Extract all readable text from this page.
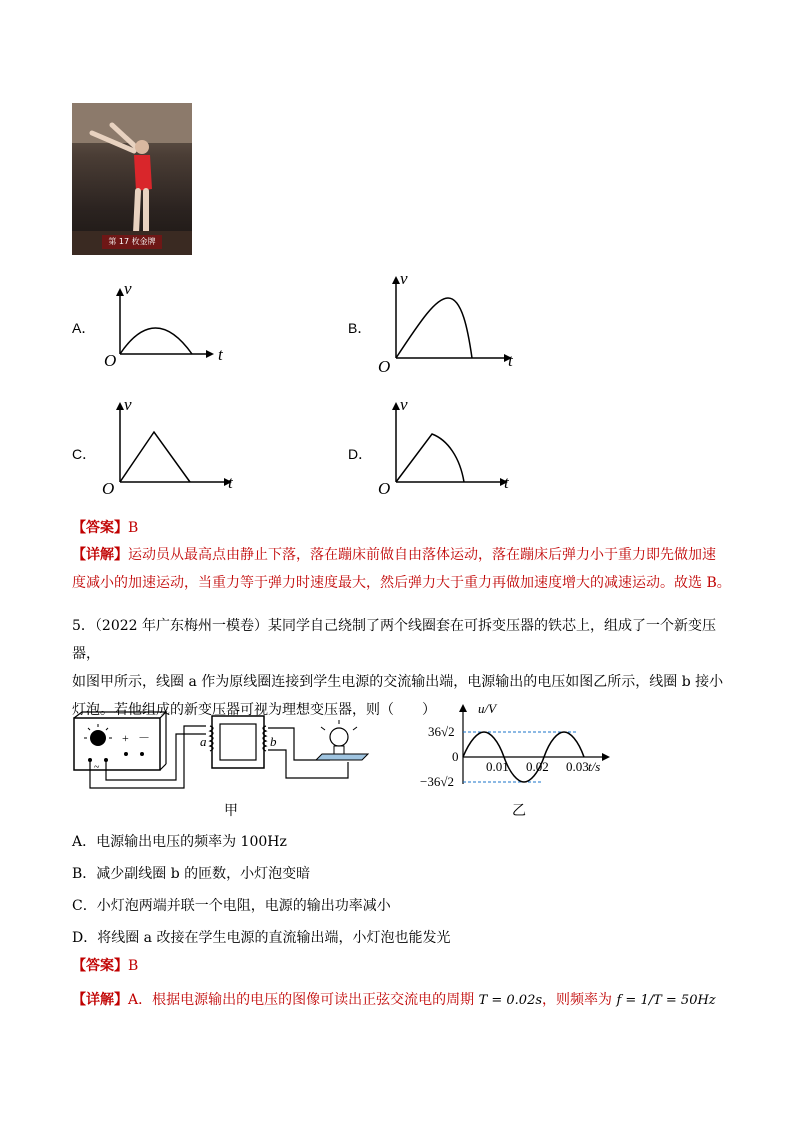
第 17 枚金牌
A．
v
t
O
B．
v
t
O
C．
v
t
O
D．
v
t
O
【答案】B
【详解】运动员从最高点由静止下落，落在蹦床前做自由落体运动，落在蹦床后弹力小于重力即先做加速
度减小的加速运动，当重力等于弹力时速度最大，然后弹力大于重力再做加速度增大的减速运动。故选 B。
5．（2022 年广东梅州一模卷）某同学自己绕制了两个线圈套在可拆变压器的铁芯上，组成了一个新变压器，
如图甲所示，线圈 a 作为原线圈连接到学生电源的交流输出端，电源输出的电压如图乙所示，线圈 b 接小
灯泡。若他组成的新变压器可视为理想变压器，则（　　）
+ －
~
a	b
甲
u/V
t/s
36√2
0
−36√2
0.01 0.02 0.03
乙
A．电源输出电压的频率为 100Hz
B．减少副线圈 b 的匝数，小灯泡变暗
C．小灯泡两端并联一个电阻，电源的输出功率减小
D．将线圈 a 改接在学生电源的直流输出端，小灯泡也能发光
【答案】B
【详解】A．根据电源输出的电压的图像可读出正弦交流电的周期 T = 0.02s，则频率为 f = 1/T = 50Hz
